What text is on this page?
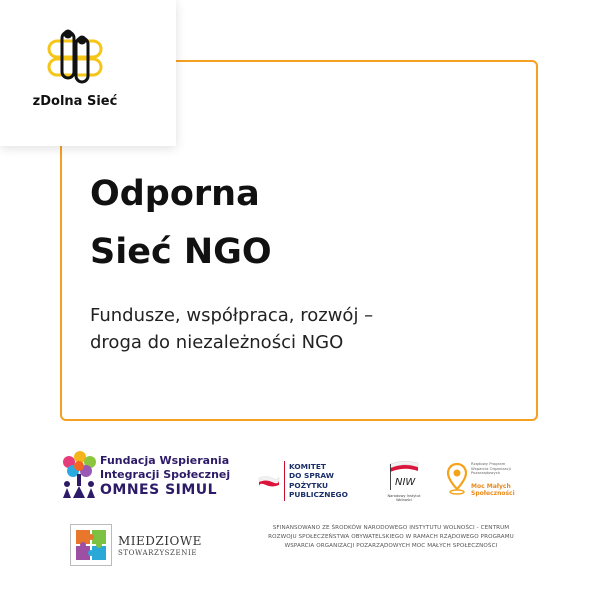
zDolna Sieć
Odporna
Sieć NGO

Fundusze, współpraca, rozwój –
droga do niezależności NGO

Fundacja Wspierania
Integracji Społecznej
OMNES SIMUL
KOMITET
DO SPRAW
POŻYTKU
PUBLICZNEGO
NIW
Narodowy Instytut Wolności
Rządowy Program
Wsparcia Organizacji
Pozarządowych
Moc Małych
Społeczności
MIEDZIOWE
STOWARZYSZENIE
SFINANSOWANO ZE ŚRODKÓW NARODOWEGO INSTYTUTU WOLNOŚCI - CENTRUM
ROZWOJU SPOŁECZEŃSTWA OBYWATELSKIEGO W RAMACH RZĄDOWEGO PROGRAMU
WSPARCIA ORGANIZACJI POZARZĄDOWYCH MOC MAŁYCH SPOŁECZNOŚCI
